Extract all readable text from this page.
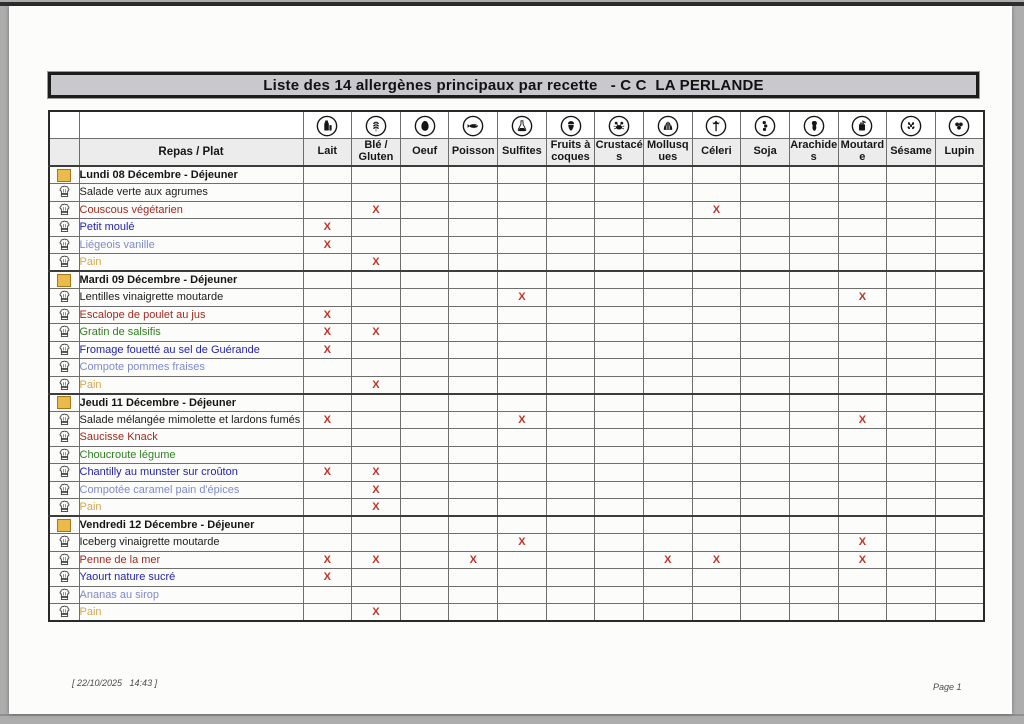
Liste des 14 allergènes principaux par recette   - C C  LA PERLANDE

	Repas / Plat	Lait	Blé / Gluten	Oeuf	Poisson	Sulfites	Fruits à coques	Crustacés	Mollusques	Céleri	Soja	Arachides	Moutarde	Sésame	Lupin

	Lundi 08 Décembre - Déjeuner														

	Salade verte aux agrumes														

	Couscous végétarien		X							X					

	Petit moulé	X													

	Liégeois vanille	X													

	Pain		X												

	Mardi 09 Décembre - Déjeuner														

	Lentilles vinaigrette moutarde					X							X		

	Escalope de poulet au jus	X													

	Gratin de salsifis	X	X												

	Fromage fouetté au sel de Guérande	X													

	Compote pommes fraises														

	Pain		X												

	Jeudi 11 Décembre - Déjeuner														

	Salade mélangée mimolette et lardons fumés	X				X							X		

	Saucisse Knack														

	Choucroute légume														

	Chantilly au munster sur croûton	X	X												

	Compotée caramel pain d'épices		X												

	Pain		X												

	Vendredi 12 Décembre - Déjeuner														

	Iceberg vinaigrette moutarde					X							X		

	Penne de la mer	X	X		X				X	X			X		

	Yaourt nature sucré	X													

	Ananas au sirop														

	Pain		X												
[ 22/10/2025   14:43 ]	Page 1
